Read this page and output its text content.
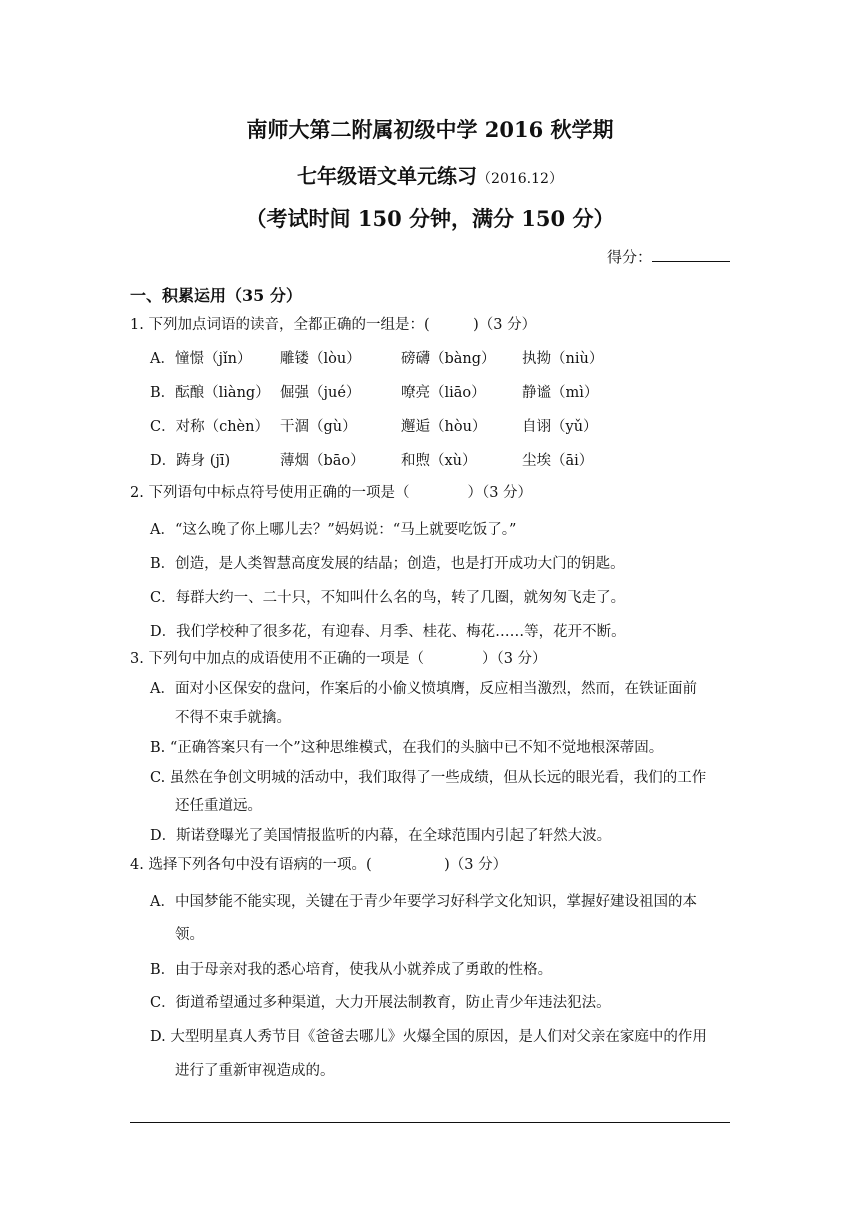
南师大第二附属初级中学 2016 秋学期
七年级语文单元练习（2016.12）
（考试时间 150 分钟，满分 150 分）
得分：
一、积累运用（35 分）
1. 下列加点词语的读音，全都正确的一组是：(　　　)（3 分）
A．憧憬（jǐn） 雕镂（lòu）	磅礴（bàng） 执拗（niù）
B．酝酿（liàng） 倔强（jué）	嘹亮（liāo）	静谧（mì）
C．对称（chèn） 干涸（gù）	邂逅（hòu） 自诩（yǔ）
D．踌身 (jī)	薄烟（bāo）	和煦（xù）	尘埃（āi）
2. 下列语句中标点符号使用正确的一项是（　　　　）（3 分）
A．“这么晚了你上哪儿去？”妈妈说：“马上就要吃饭了。”
B．创造，是人类智慧高度发展的结晶；创造，也是打开成功大门的钥匙。
C．每群大约一、二十只，不知叫什么名的鸟，转了几圈，就匆匆飞走了。
D．我们学校种了很多花，有迎春、月季、桂花、梅花……等，花开不断。
3. 下列句中加点的成语使用不正确的一项是（　　　　）（3 分）
A．面对小区保安的盘问，作案后的小偷义愤填膺，反应相当激烈，然而，在铁证面前
不得不束手就擒。
B. “正确答案只有一个”这种思维模式，在我们的头脑中已不知不觉地根深蒂固。
C. 虽然在争创文明城的活动中，我们取得了一些成绩，但从长远的眼光看，我们的工作
还任重道远。
D．斯诺登曝光了美国情报监听的内幕，在全球范围内引起了轩然大波。
4. 选择下列各句中没有语病的一项。(　　　　　)（3 分）
A．中国梦能不能实现，关键在于青少年要学习好科学文化知识，掌握好建设祖国的本
领。
B．由于母亲对我的悉心培育，使我从小就养成了勇敢的性格。
C．街道希望通过多种渠道，大力开展法制教育，防止青少年违法犯法。
D. 大型明星真人秀节目《爸爸去哪儿》火爆全国的原因，是人们对父亲在家庭中的作用
进行了重新审视造成的。
